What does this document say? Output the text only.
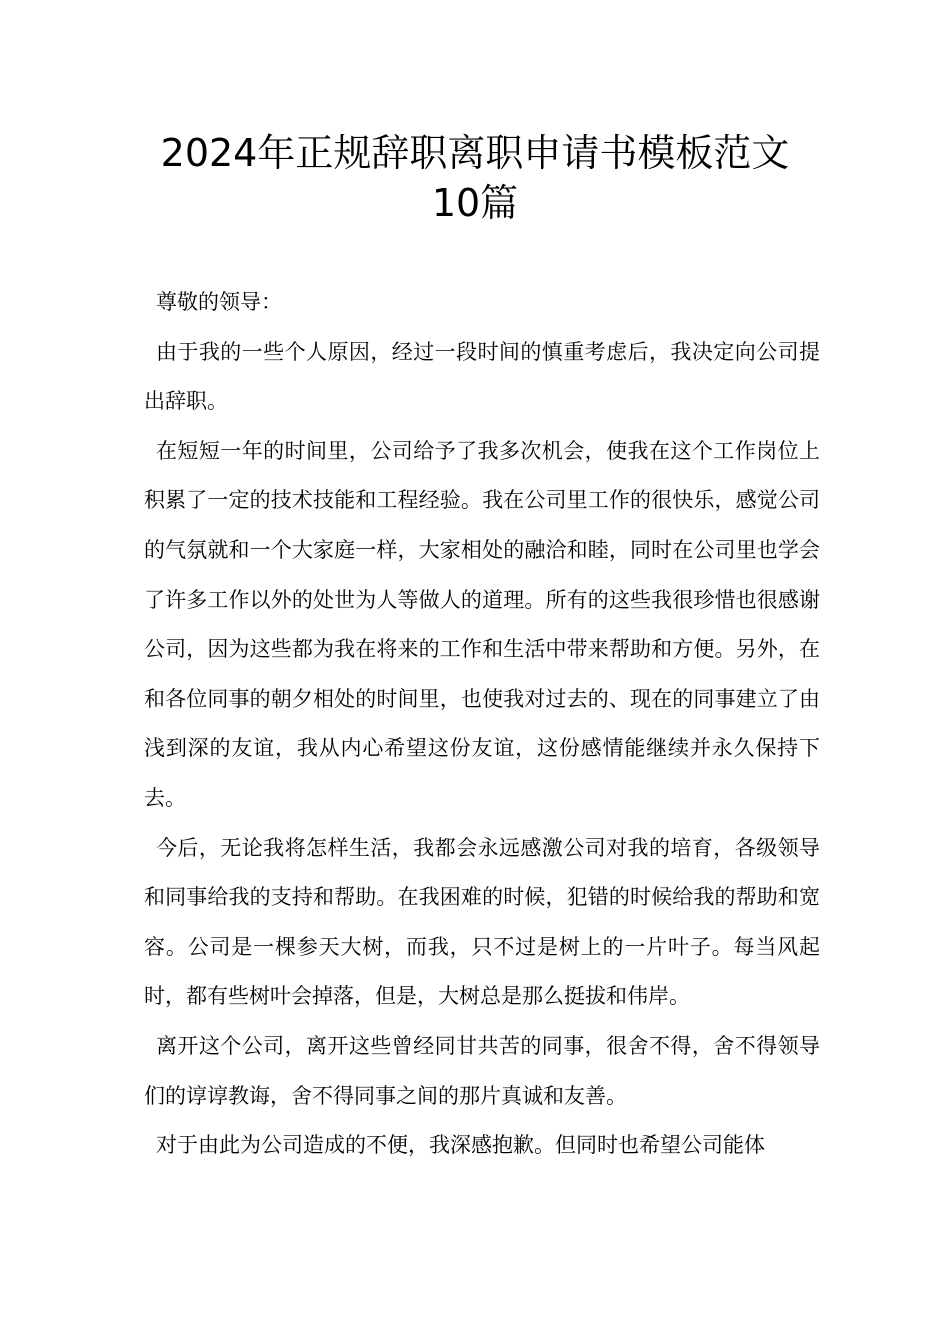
2024年正规辞职离职申请书模板范文
10篇

尊敬的领导：

由于我的一些个人原因，经过一段时间的慎重考虑后，我决定向公司提出辞职。

在短短一年的时间里，公司给予了我多次机会，使我在这个工作岗位上积累了一定的技术技能和工程经验。我在公司里工作的很快乐，感觉公司的气氛就和一个大家庭一样，大家相处的融洽和睦，同时在公司里也学会了许多工作以外的处世为人等做人的道理。所有的这些我很珍惜也很感谢公司，因为这些都为我在将来的工作和生活中带来帮助和方便。另外，在和各位同事的朝夕相处的时间里，也使我对过去的、现在的同事建立了由浅到深的友谊，我从内心希望这份友谊，这份感情能继续并永久保持下去。

今后，无论我将怎样生活，我都会永远感激公司对我的培育，各级领导和同事给我的支持和帮助。在我困难的时候，犯错的时候给我的帮助和宽容。公司是一棵参天大树，而我，只不过是树上的一片叶子。每当风起时，都有些树叶会掉落，但是，大树总是那么挺拔和伟岸。

离开这个公司，离开这些曾经同甘共苦的同事，很舍不得，舍不得领导们的谆谆教诲，舍不得同事之间的那片真诚和友善。

对于由此为公司造成的不便，我深感抱歉。但同时也希望公司能体
